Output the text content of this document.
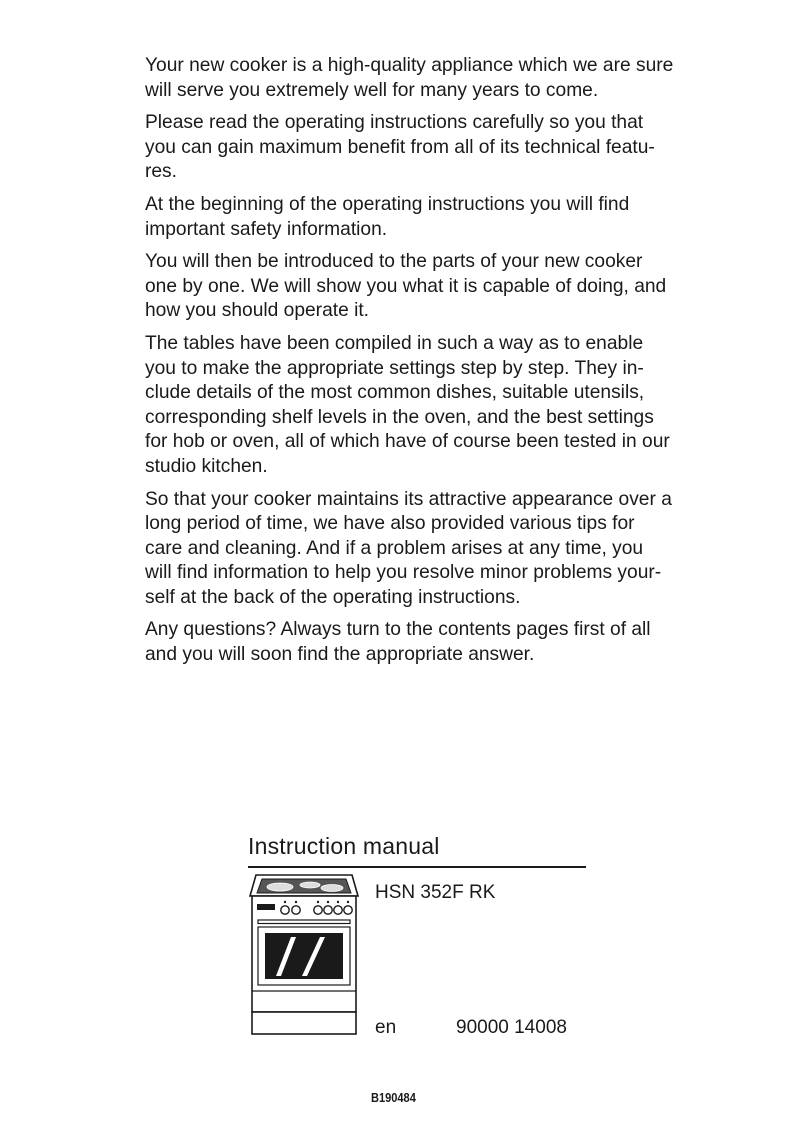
Your new cooker is a high-quality appliance which we are sure will serve you extremely well for many years to come.

Please read the operating instructions carefully so you that you can gain maximum benefit from all of its technical featu-res.

At the beginning of the operating instructions you will find important safety information.

You will then be introduced to the parts of your new cooker one by one. We will show you what it is capable of doing, and how you should operate it.

The tables have been compiled in such a way as to enable you to make the appropriate settings step by step. They in-clude details of the most common dishes, suitable utensils, corresponding shelf levels in the oven, and the best settings for hob or oven, all of which have of course been tested in our studio kitchen.

So that your cooker maintains its attractive appearance over a long period of time, we have also provided various tips for care and cleaning. And if a problem arises at any time, you will find information to help you resolve minor problems your-self at the back of the operating instructions.

Any questions? Always turn to the contents pages first of all and you will soon find the appropriate answer.

Instruction manual
HSN 352F RK
en	90000 14008
B190484
